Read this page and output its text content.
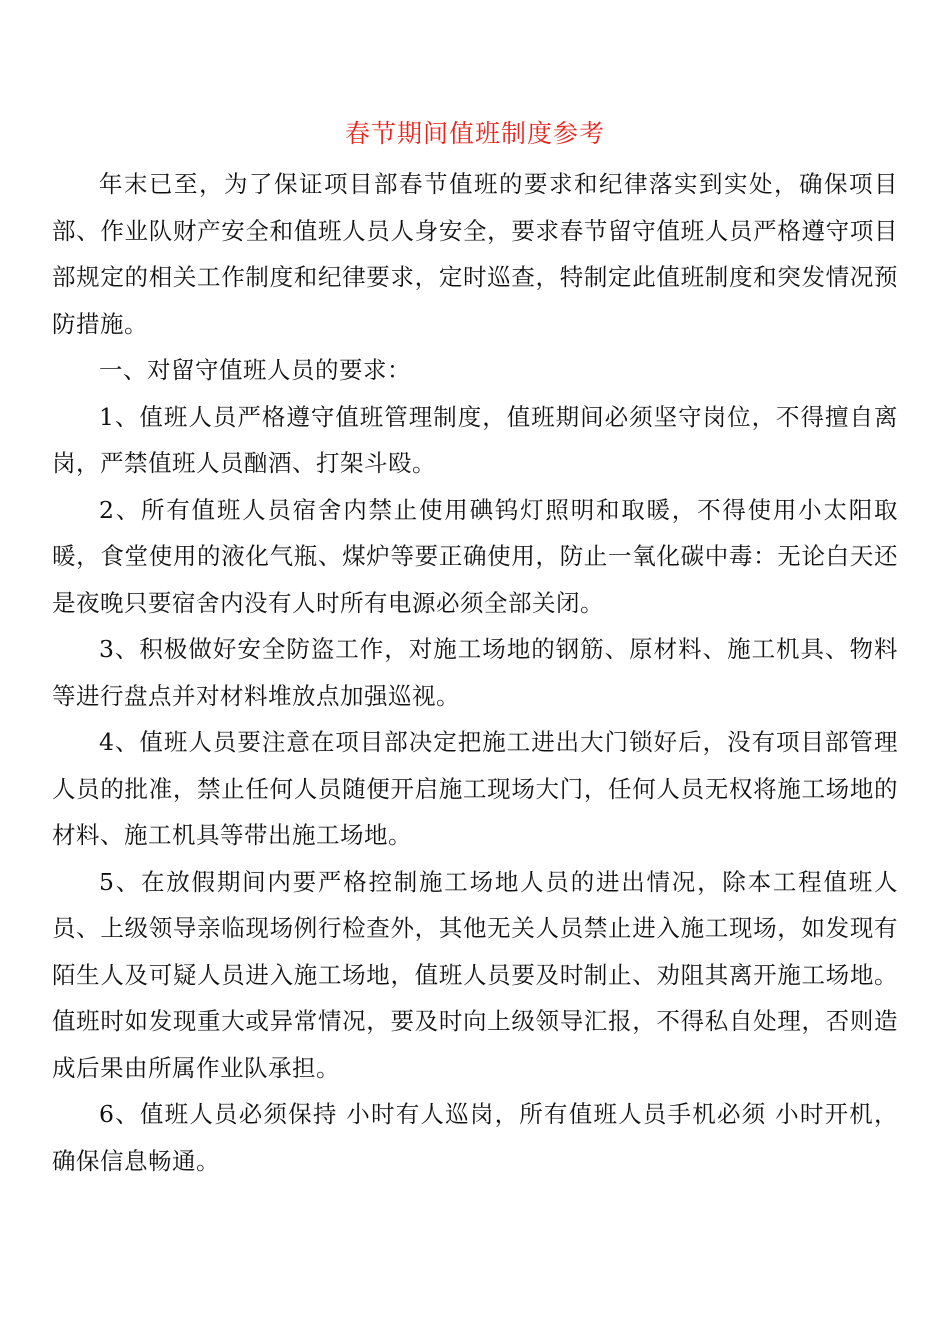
春节期间值班制度参考

年末已至，为了保证项目部春节值班的要求和纪律落实到实处，确保项目部、作业队财产安全和值班人员人身安全，要求春节留守值班人员严格遵守项目部规定的相关工作制度和纪律要求，定时巡查，特制定此值班制度和突发情况预防措施。

一、对留守值班人员的要求：

1、值班人员严格遵守值班管理制度，值班期间必须坚守岗位，不得擅自离岗，严禁值班人员酗酒、打架斗殴。

2、所有值班人员宿舍内禁止使用碘钨灯照明和取暖，不得使用小太阳取暖，食堂使用的液化气瓶、煤炉等要正确使用，防止一氧化碳中毒：无论白天还是夜晚只要宿舍内没有人时所有电源必须全部关闭。

3、积极做好安全防盗工作，对施工场地的钢筋、原材料、施工机具、物料等进行盘点并对材料堆放点加强巡视。

4、值班人员要注意在项目部决定把施工进出大门锁好后，没有项目部管理人员的批准，禁止任何人员随便开启施工现场大门，任何人员无权将施工场地的材料、施工机具等带出施工场地。

5、在放假期间内要严格控制施工场地人员的进出情况，除本工程值班人员、上级领导亲临现场例行检查外，其他无关人员禁止进入施工现场，如发现有陌生人及可疑人员进入施工场地，值班人员要及时制止、劝阻其离开施工场地。值班时如发现重大或异常情况，要及时向上级领导汇报，不得私自处理，否则造成后果由所属作业队承担。

6、值班人员必须保持 小时有人巡岗，所有值班人员手机必须 小时开机，确保信息畅通。
